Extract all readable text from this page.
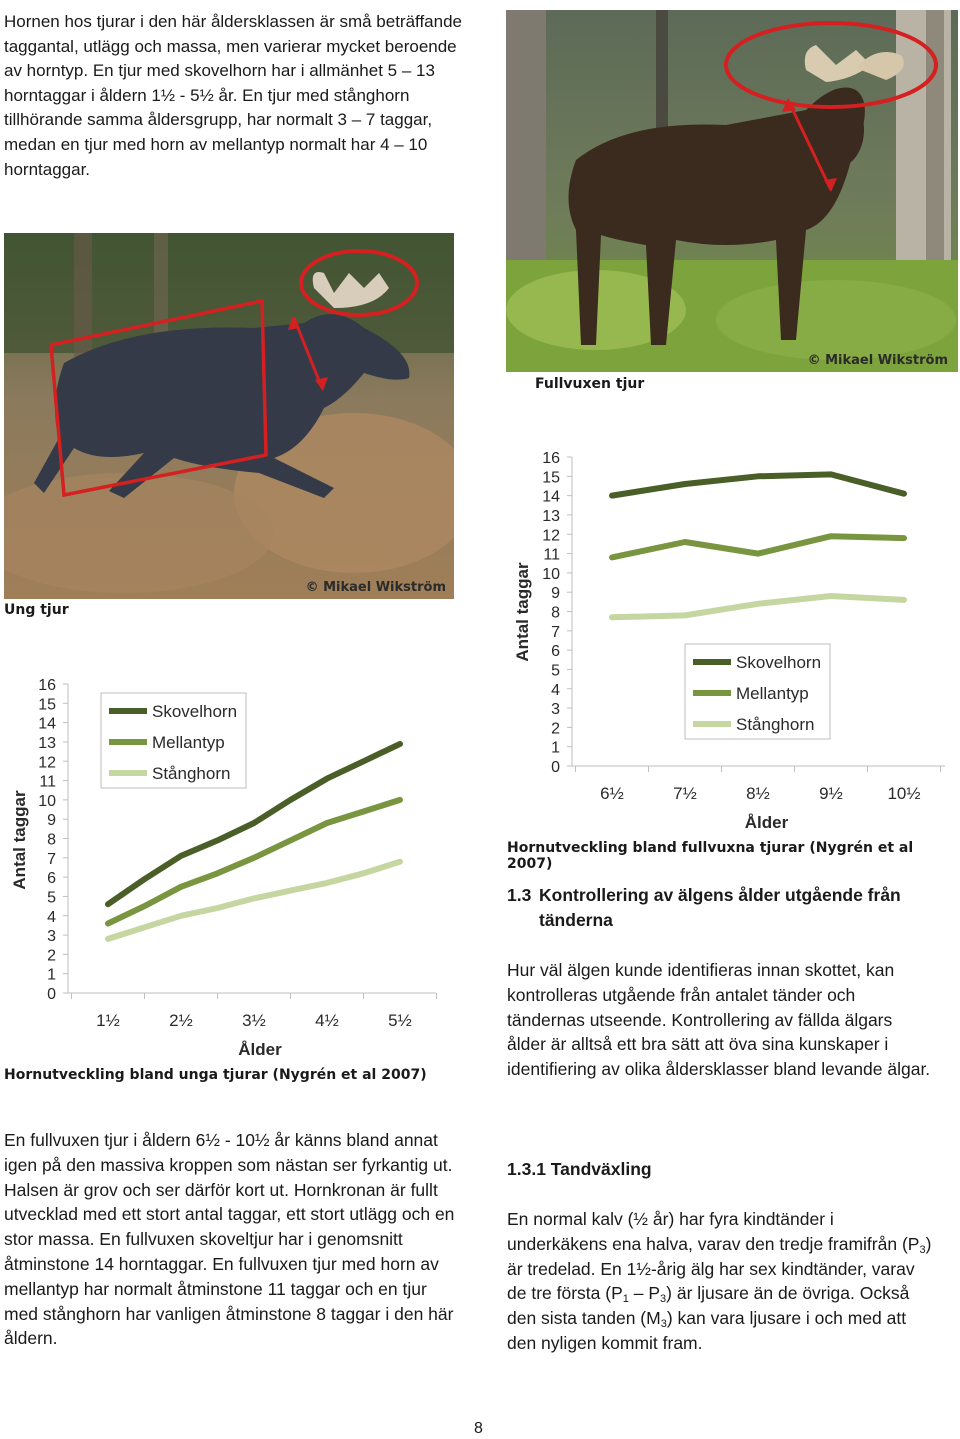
Hornen hos tjurar i den här åldersklassen är små beträffande taggantal, utlägg och massa, men varierar mycket beroende av horntyp. En tjur med skovelhorn har i allmänhet 5 – 13 horntaggar i åldern 1½ - 5½ år. En tjur med stånghorn tillhörande samma åldersgrupp, har normalt 3 – 7 taggar, medan en tjur med horn av mellantyp normalt har 4 – 10 horntaggar.

© Mikael Wikström
© Mikael Wikström
Fullvuxen tjur
Ung tjur
0
1
2
3
4
5
6
7
8
9
10
11
12
13
14
15
16
1½	2½	3½	4½	5½
Ålder
Antal taggar
Skovelhorn
Mellantyp
Stånghorn
Hornutveckling bland unga tjurar (Nygrén et al 2007)
0
1
2
3
4
5
6
7
8
9
10
11
12
13
14
15
16
6½	7½	8½	9½	10½
Ålder
Antal taggar
Skovelhorn
Mellantyp
Stånghorn
Hornutveckling bland fullvuxna tjurar (Nygrén et al 2007)
1.3 Kontrollering av älgens ålder utgående från tänderna

Hur väl älgen kunde identifieras innan skottet, kan kontrolleras utgående från antalet tänder och tändernas utseende. Kontrollering av fällda älgars ålder är alltså ett bra sätt att öva sina kunskaper i identifiering av olika åldersklasser bland levande älgar.

En fullvuxen tjur i åldern 6½ - 10½ år känns bland annat igen på den massiva kroppen som nästan ser fyrkantig ut. Halsen är grov och ser därför kort ut. Hornkronan är fullt utvecklad med ett stort antal taggar, ett stort utlägg och en stor massa. En fullvuxen skoveltjur har i genomsnitt åtminstone 14 horntaggar. En fullvuxen tjur med horn av mellantyp har normalt åtminstone 11 taggar och en tjur med stånghorn har vanligen åtminstone 8 taggar i den här åldern.

1.3.1 Tandväxling

En normal kalv (½ år) har fyra kindtänder i underkäkens ena halva, varav den tredje framifrån $(P_3)$ är tredelad. En 1½-årig älg har sex kindtänder, varav de tre första $(P_1 - P_3)$ är ljusare än de övriga. Också den sista tanden $(M_3)$ kan vara ljusare i och med att den nyligen kommit fram.

8
